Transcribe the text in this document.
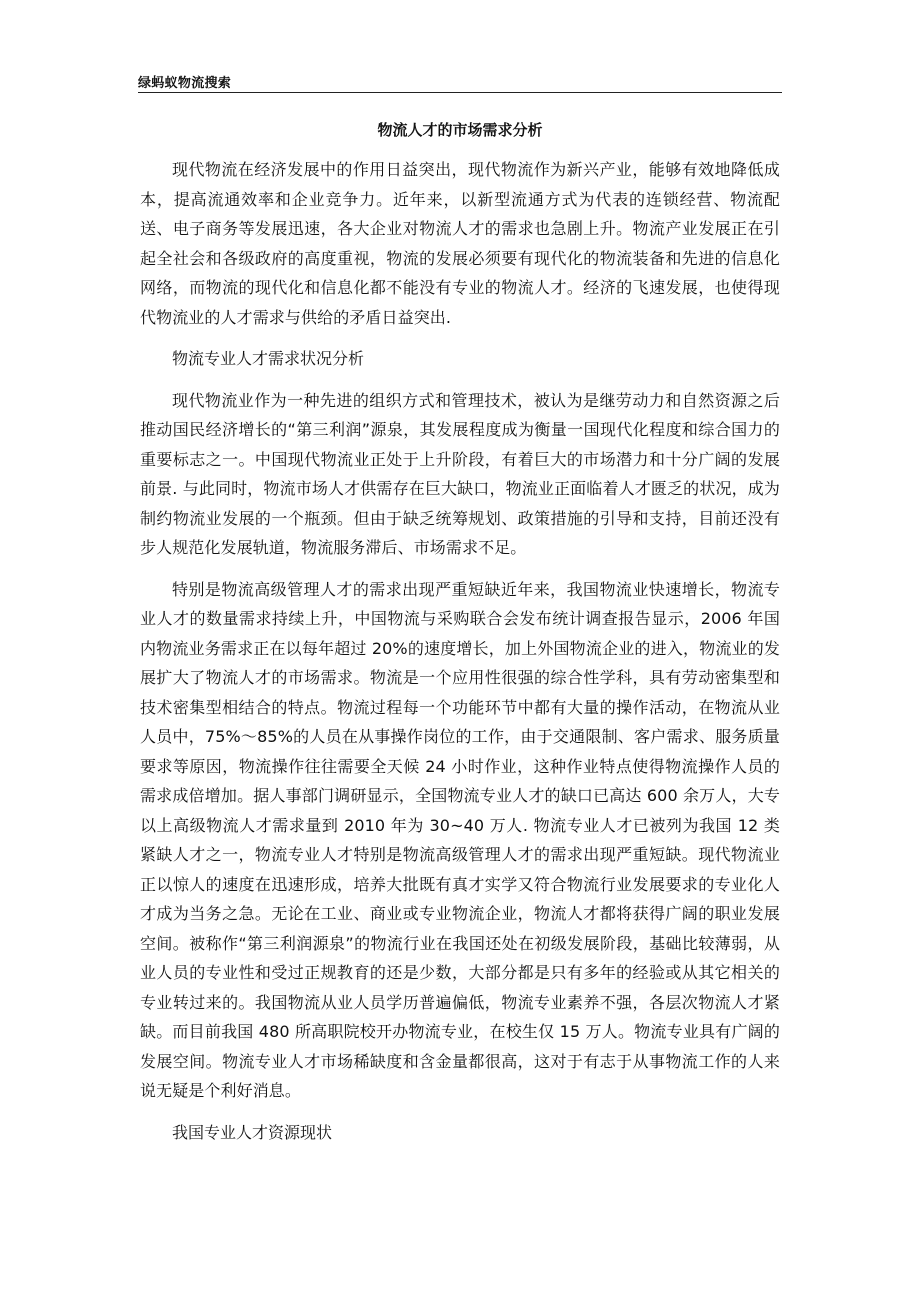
绿蚂蚁物流搜索
物流人才的市场需求分析

现代物流在经济发展中的作用日益突出，现代物流作为新兴产业，能够有效地降低成本，提高流通效率和企业竞争力。近年来，以新型流通方式为代表的连锁经营、物流配送、电子商务等发展迅速，各大企业对物流人才的需求也急剧上升。物流产业发展正在引起全社会和各级政府的高度重视，物流的发展必须要有现代化的物流装备和先进的信息化网络，而物流的现代化和信息化都不能没有专业的物流人才。经济的飞速发展，也使得现代物流业的人才需求与供给的矛盾日益突出.

物流专业人才需求状况分析

现代物流业作为一种先进的组织方式和管理技术，被认为是继劳动力和自然资源之后推动国民经济增长的“第三利润”源泉，其发展程度成为衡量一国现代化程度和综合国力的重要标志之一。中国现代物流业正处于上升阶段，有着巨大的市场潜力和十分广阔的发展前景. 与此同时，物流市场人才供需存在巨大缺口，物流业正面临着人才匮乏的状况，成为制约物流业发展的一个瓶颈。但由于缺乏统筹规划、政策措施的引导和支持，目前还没有步人规范化发展轨道，物流服务滞后、市场需求不足。

特别是物流高级管理人才的需求出现严重短缺近年来，我国物流业快速增长，物流专业人才的数量需求持续上升，中国物流与采购联合会发布统计调查报告显示，2006 年国内物流业务需求正在以每年超过 20%的速度增长，加上外国物流企业的进入，物流业的发展扩大了物流人才的市场需求。物流是一个应用性很强的综合性学科，具有劳动密集型和技术密集型相结合的特点。物流过程每一个功能环节中都有大量的操作活动，在物流从业人员中，75%～85%的人员在从事操作岗位的工作，由于交通限制、客户需求、服务质量要求等原因，物流操作往往需要全天候 24 小时作业，这种作业特点使得物流操作人员的需求成倍增加。据人事部门调研显示，全国物流专业人才的缺口已高达 600 余万人，大专以上高级物流人才需求量到 2010 年为 30~40 万人. 物流专业人才已被列为我国 12 类紧缺人才之一，物流专业人才特别是物流高级管理人才的需求出现严重短缺。现代物流业正以惊人的速度在迅速形成，培养大批既有真才实学又符合物流行业发展要求的专业化人才成为当务之急。无论在工业、商业或专业物流企业，物流人才都将获得广阔的职业发展空间。被称作“第三利润源泉”的物流行业在我国还处在初级发展阶段，基础比较薄弱，从业人员的专业性和受过正规教育的还是少数，大部分都是只有多年的经验或从其它相关的专业转过来的。我国物流从业人员学历普遍偏低，物流专业素养不强，各层次物流人才紧缺。而目前我国 480 所高职院校开办物流专业，在校生仅 15 万人。物流专业具有广阔的发展空间。物流专业人才市场稀缺度和含金量都很高，这对于有志于从事物流工作的人来说无疑是个利好消息。

我国专业人才资源现状
